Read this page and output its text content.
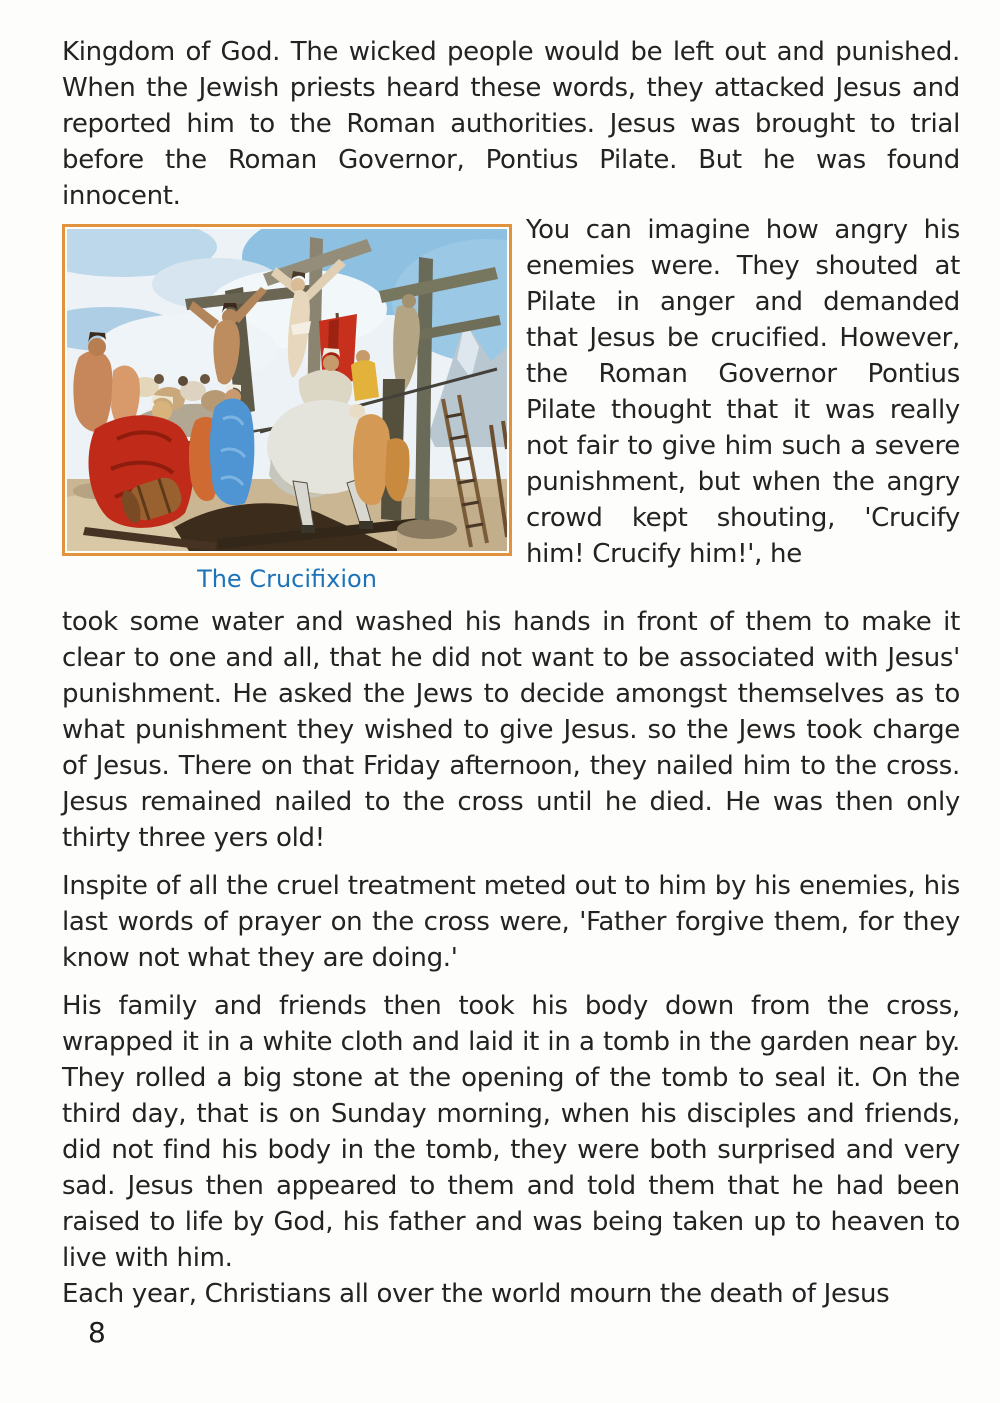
Kingdom of God. The wicked people would be left out and punished. When the Jewish priests heard these words, they attacked Jesus and reported him to the Roman authorities. Jesus was brought to trial before the Roman Governor, Pontius Pilate. But he was found innocent.

The Crucifixion

You can imagine how angry his enemies were. They shouted at Pilate in anger and demanded that Jesus be crucified. However, the Roman Governor Pontius Pilate thought that it was really not fair to give him such a severe punishment, but when the angry crowd kept shouting, 'Crucify him! Crucify him!', he

took some water and washed his hands in front of them to make it clear to one and all, that he did not want to be associated with Jesus' punishment. He asked the Jews to decide amongst themselves as to what punishment they wished to give Jesus. so the Jews took charge of Jesus. There on that Friday afternoon, they nailed him to the cross. Jesus remained nailed to the cross until he died. He was then only thirty three yers old!

Inspite of all the cruel treatment meted out to him by his enemies, his last words of prayer on the cross were, 'Father forgive them, for they know not what they are doing.'

His family and friends then took his body down from the cross, wrapped it in a white cloth and laid it in a tomb in the garden near by. They rolled a big stone at the opening of the tomb to seal it. On the third day, that is on Sunday morning, when his disciples and friends, did not find his body in the tomb, they were both surprised and very sad. Jesus then appeared to them and told them that he had been raised to life by God, his father and was being taken up to heaven to live with him.

Each year, Christians all over the world mourn the death of Jesus

8
